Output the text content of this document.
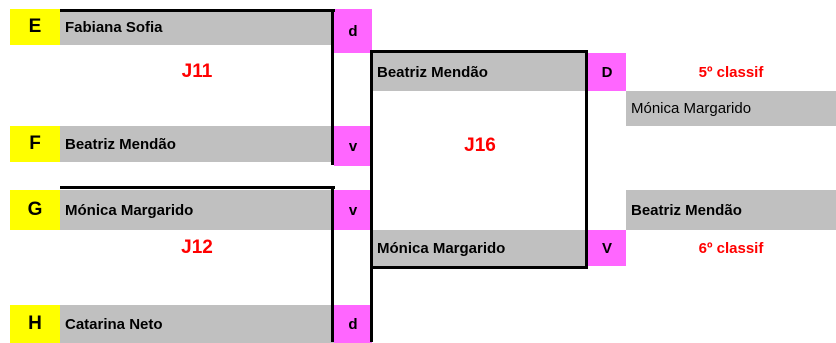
E	Fabiana Sofia	d
J11
F	Beatriz Mendão	v
G	Mónica Margarido	v
J12
H	Catarina Neto	d
Beatriz Mendão	D
J16
Mónica Margarido	V
5º classif
Mónica Margarido
Beatriz Mendão
6º classif
